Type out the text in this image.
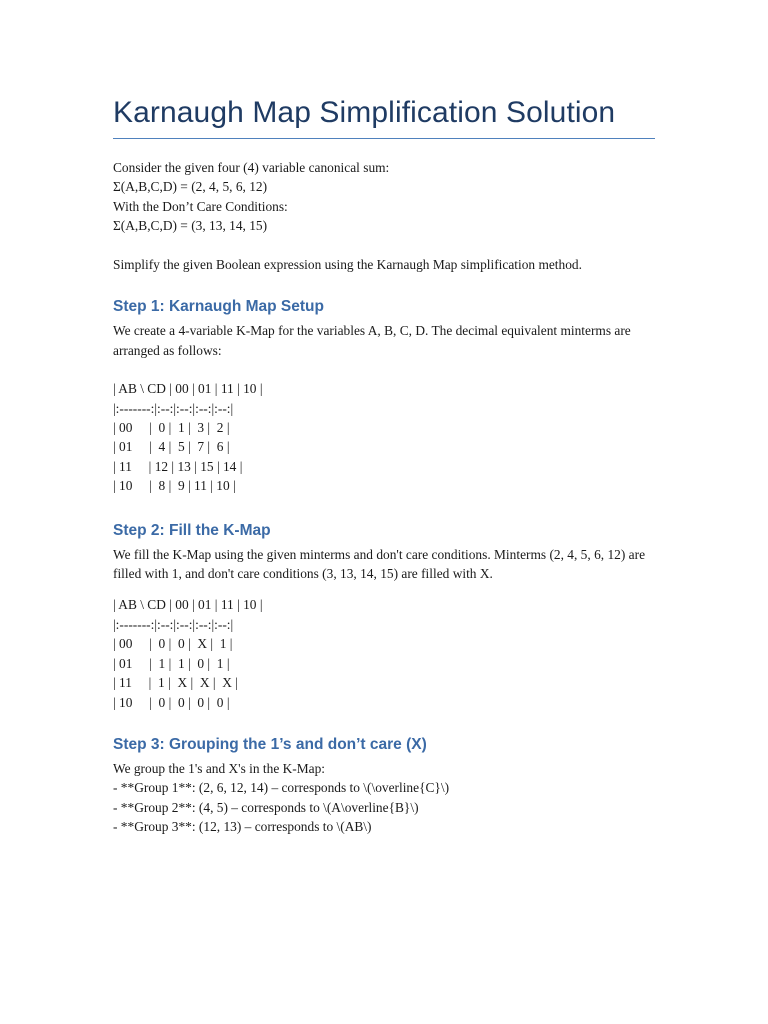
Karnaugh Map Simplification Solution

Consider the given four (4) variable canonical sum:

Σ(A,B,C,D) = (2, 4, 5, 6, 12)

With the Don’t Care Conditions:

Σ(A,B,C,D) = (3, 13, 14, 15)

Simplify the given Boolean expression using the Karnaugh Map simplification method.

Step 1: Karnaugh Map Setup

We create a 4-variable K-Map for the variables A, B, C, D. The decimal equivalent minterms are arranged as follows:

| AB \ CD | 00 | 01 | 11 | 10 |

|:-------:|:--:|:--:|:--:|:--:|

| 00     |  0 |  1 |  3 |  2 |

| 01     |  4 |  5 |  7 |  6 |

| 11     | 12 | 13 | 15 | 14 |

| 10     |  8 |  9 | 11 | 10 |

Step 2: Fill the K-Map

We fill the K-Map using the given minterms and don't care conditions. Minterms (2, 4, 5, 6, 12) are filled with 1, and don't care conditions (3, 13, 14, 15) are filled with X.

| AB \ CD | 00 | 01 | 11 | 10 |

|:-------:|:--:|:--:|:--:|:--:|

| 00     |  0 |  0 |  X |  1 |

| 01     |  1 |  1 |  0 |  1 |

| 11     |  1 |  X |  X |  X |

| 10     |  0 |  0 |  0 |  0 |

Step 3: Grouping the 1’s and don’t care (X)

We group the 1's and X's in the K-Map:

- **Group 1**: (2, 6, 12, 14) – corresponds to \(\overline{C}\)

- **Group 2**: (4, 5) – corresponds to \(A\overline{B}\)

- **Group 3**: (12, 13) – corresponds to \(AB\)
